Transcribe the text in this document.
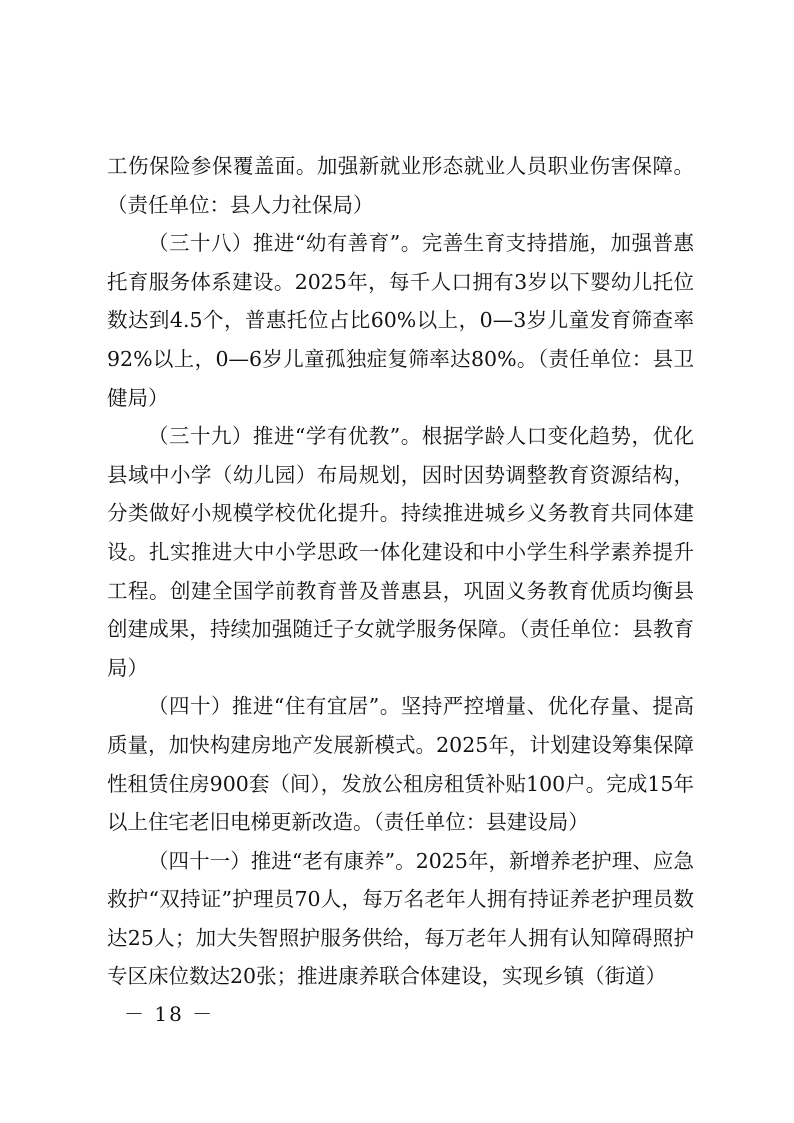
工伤保险参保覆盖面。加强新就业形态就业人员职业伤害保障。（责任单位：县人力社保局）

（三十八）推进“幼有善育”。完善生育支持措施，加强普惠托育服务体系建设。2025年，每千人口拥有3岁以下婴幼儿托位数达到4.5个，普惠托位占比60%以上，0—3岁儿童发育筛查率92%以上，0—6岁儿童孤独症复筛率达80%。（责任单位：县卫健局）

（三十九）推进“学有优教”。根据学龄人口变化趋势，优化县域中小学（幼儿园）布局规划，因时因势调整教育资源结构，分类做好小规模学校优化提升。持续推进城乡义务教育共同体建设。扎实推进大中小学思政一体化建设和中小学生科学素养提升工程。创建全国学前教育普及普惠县，巩固义务教育优质均衡县创建成果，持续加强随迁子女就学服务保障。（责任单位：县教育局）

（四十）推进“住有宜居”。坚持严控增量、优化存量、提高质量，加快构建房地产发展新模式。2025年，计划建设筹集保障性租赁住房900套（间），发放公租房租赁补贴100户。完成15年以上住宅老旧电梯更新改造。（责任单位：县建设局）

（四十一）推进“老有康养”。2025年，新增养老护理、应急救护“双持证”护理员70人，每万名老年人拥有持证养老护理员数达25人；加大失智照护服务供给，每万老年人拥有认知障碍照护专区床位数达20张；推进康养联合体建设，实现乡镇（街道）

－ 18 －
